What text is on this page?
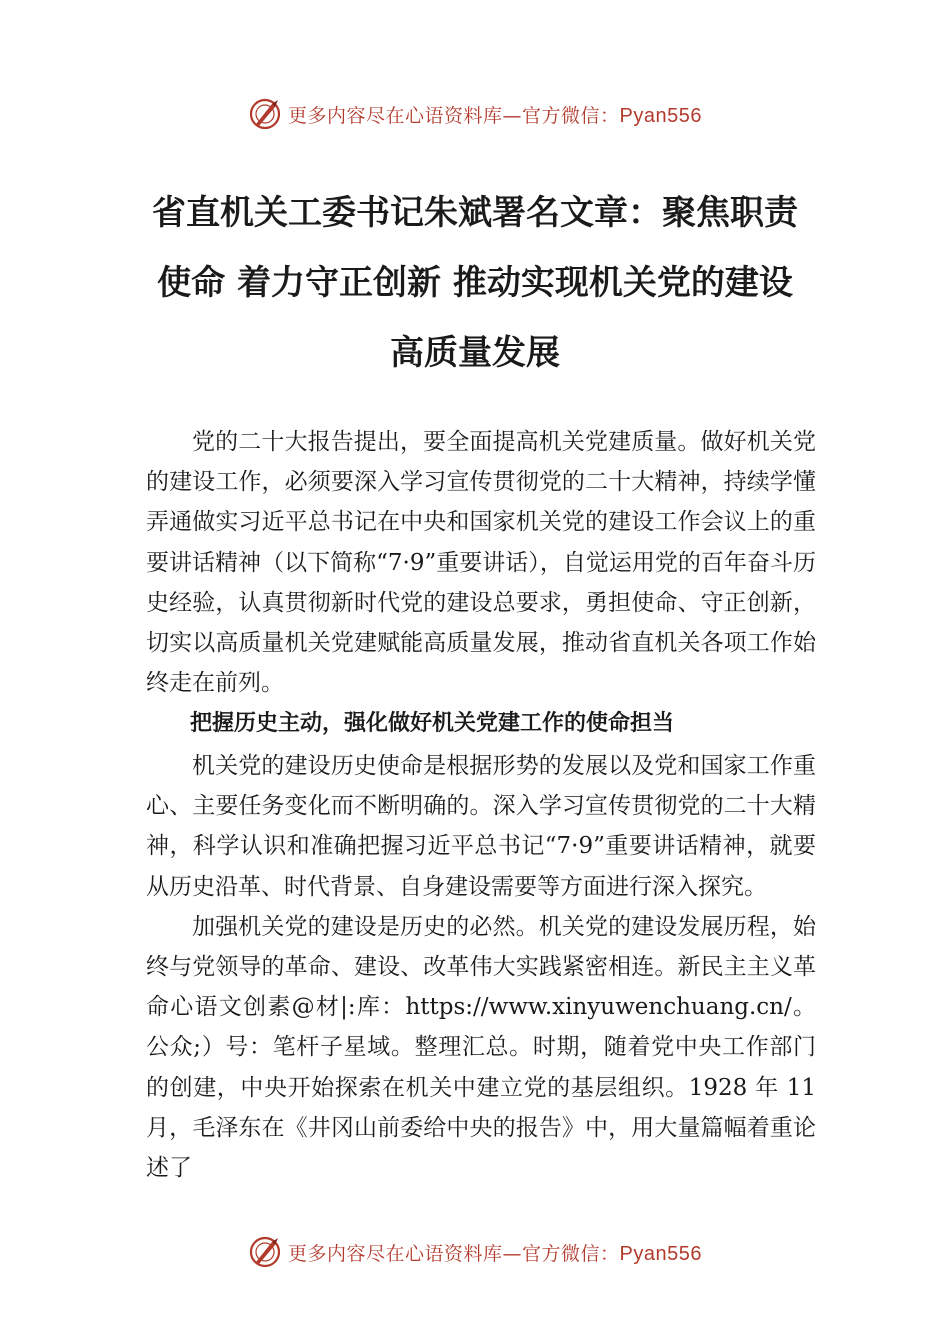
更多内容尽在心语资料库—官方微信：Pyan556
省直机关工委书记朱斌署名文章：聚焦职责使命 着力守正创新 推动实现机关党的建设高质量发展

党的二十大报告提出，要全面提高机关党建质量。做好机关党的建设工作，必须要深入学习宣传贯彻党的二十大精神，持续学懂弄通做实习近平总书记在中央和国家机关党的建设工作会议上的重要讲话精神（以下简称“7·9”重要讲话），自觉运用党的百年奋斗历史经验，认真贯彻新时代党的建设总要求，勇担使命、守正创新，切实以高质量机关党建赋能高质量发展，推动省直机关各项工作始终走在前列。

把握历史主动，强化做好机关党建工作的使命担当

机关党的建设历史使命是根据形势的发展以及党和国家工作重心、主要任务变化而不断明确的。深入学习宣传贯彻党的二十大精神，科学认识和准确把握习近平总书记“7·9”重要讲话精神，就要从历史沿革、时代背景、自身建设需要等方面进行深入探究。

加强机关党的建设是历史的必然。机关党的建设发展历程，始终与党领导的革命、建设、改革伟大实践紧密相连。新民主主义革命心语文创素@材|:库：https://www.xinyuwenchuang.cn/。公众;）号：笔杆子星域。整理汇总。时期，随着党中央工作部门的创建，中央开始探索在机关中建立党的基层组织。1928 年 11 月，毛泽东在《井冈山前委给中央的报告》中，用大量篇幅着重论述了

更多内容尽在心语资料库—官方微信：Pyan556
